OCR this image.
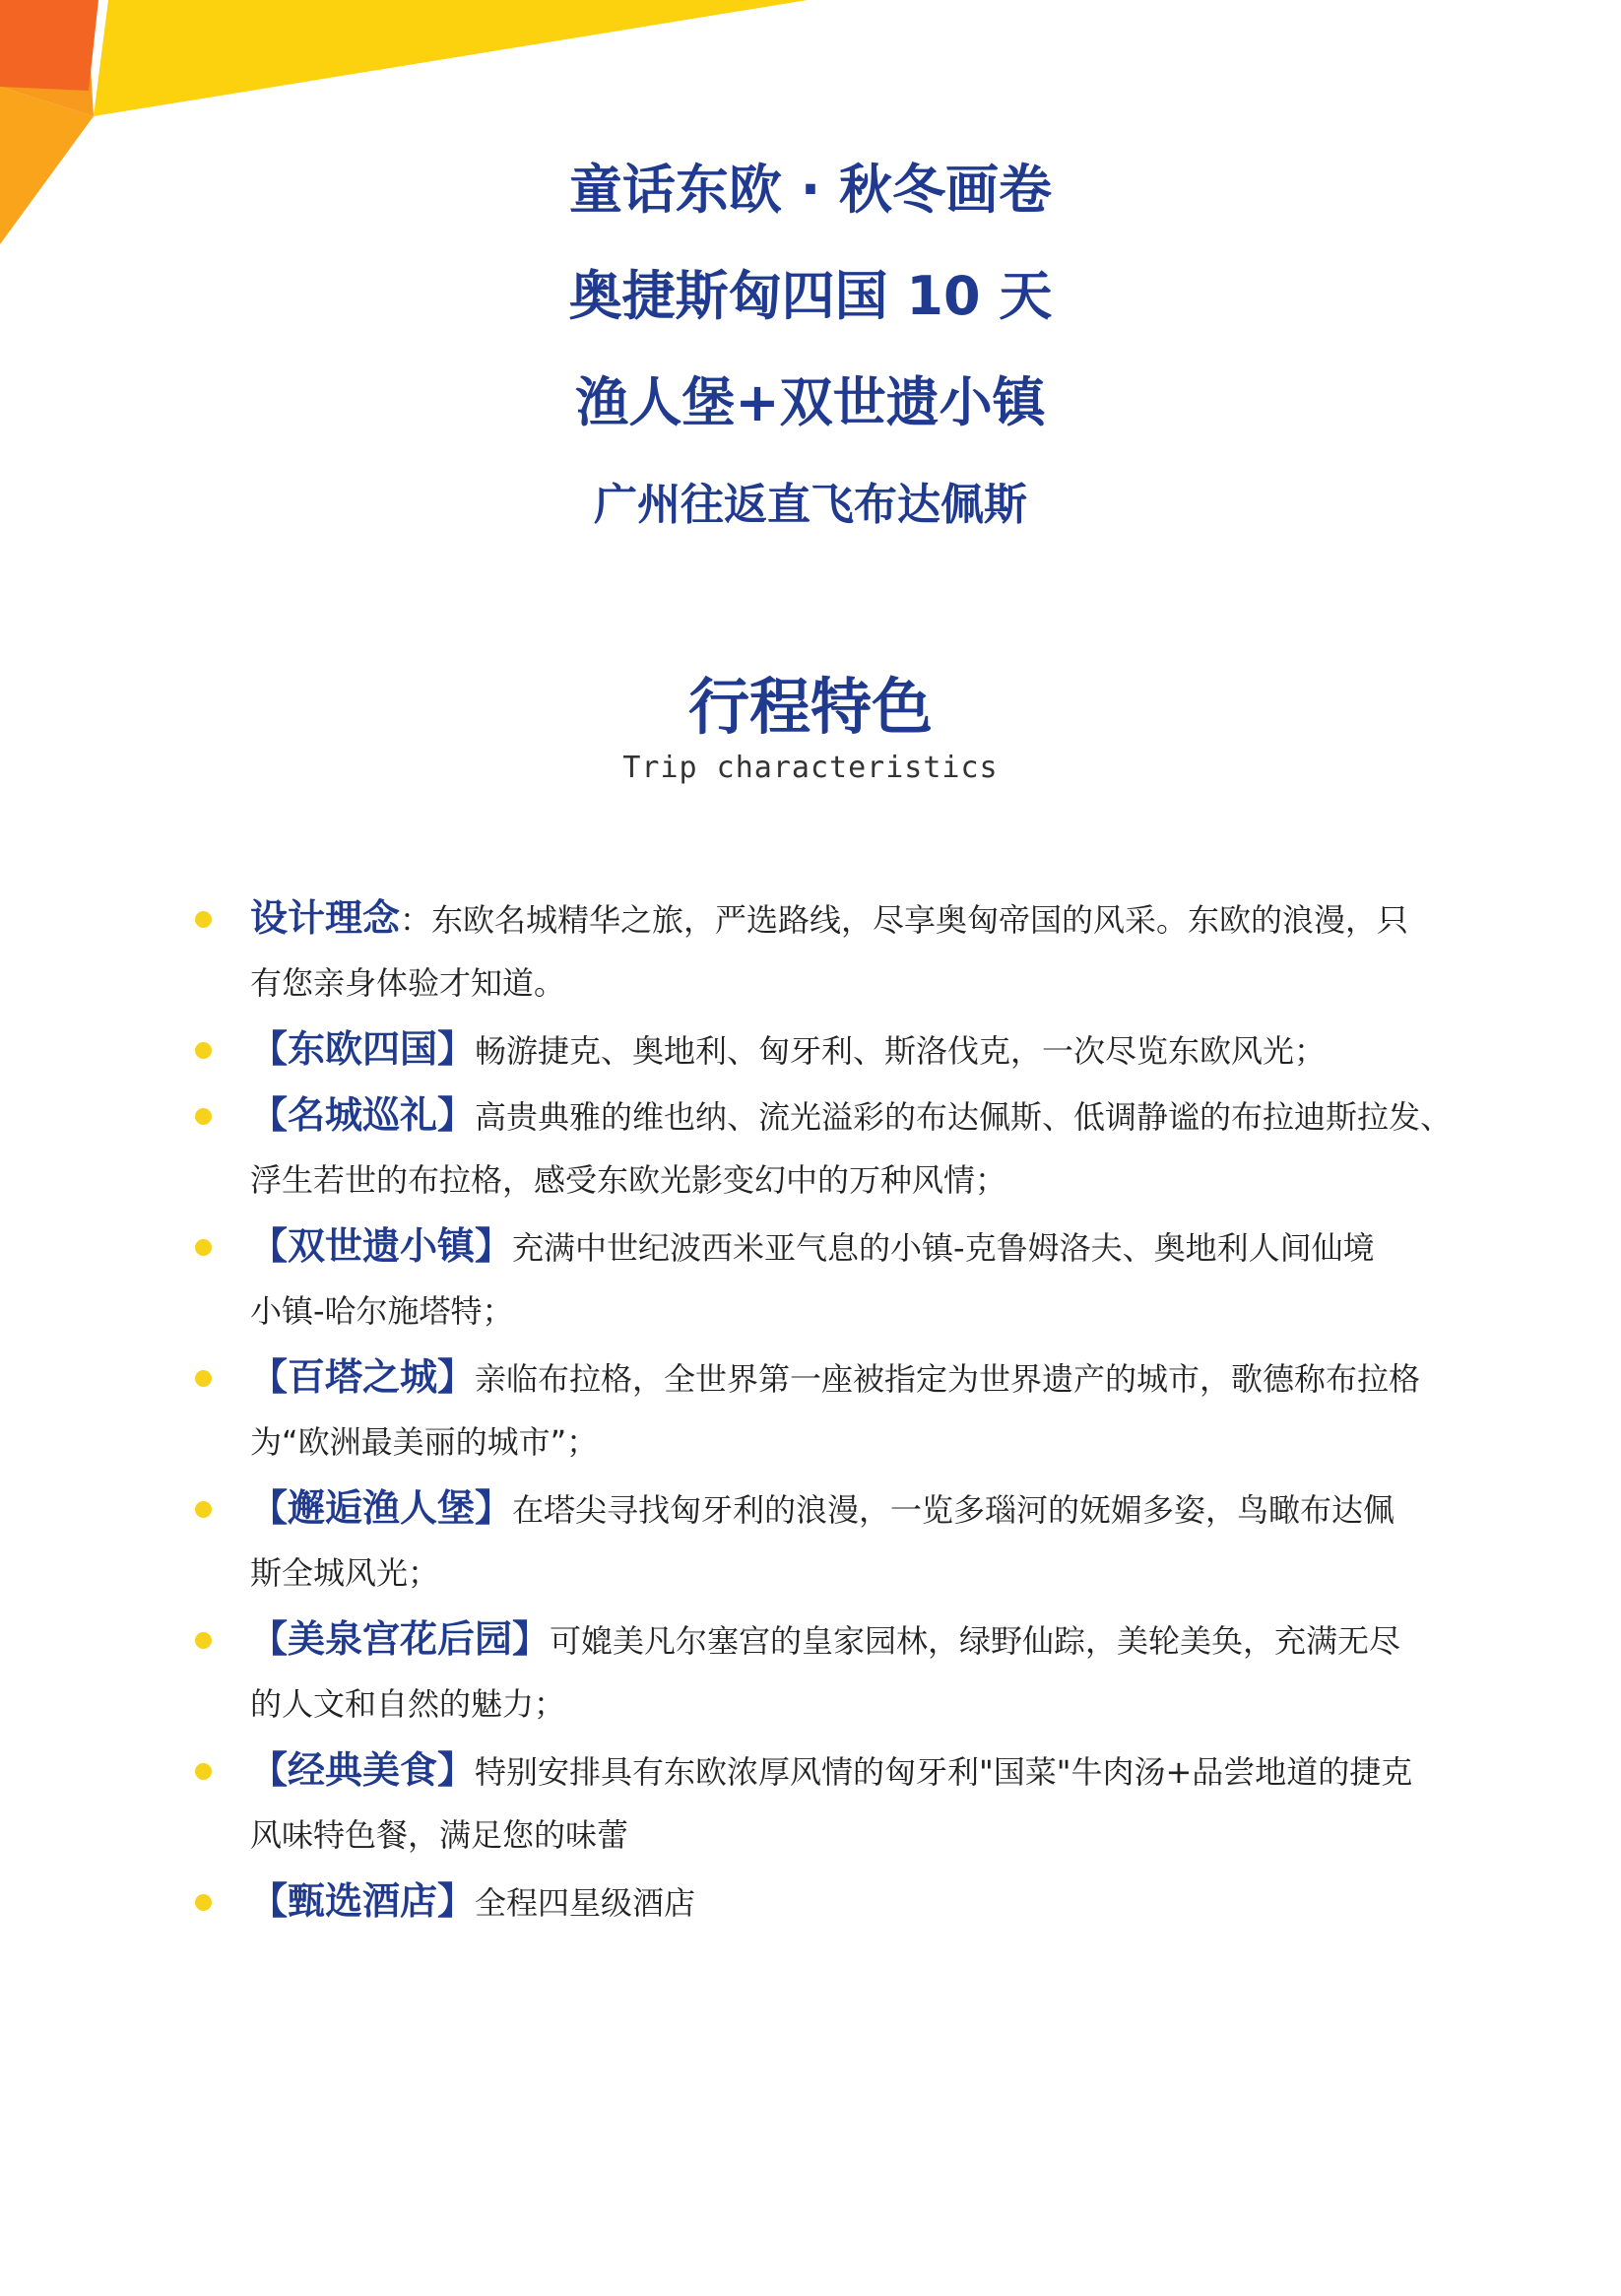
童话东欧 · 秋冬画卷
奥捷斯匈四国 10 天
渔人堡+双世遗小镇
广州往返直飞布达佩斯
行程特色
Trip characteristics
设计理念：东欧名城精华之旅，严选路线，尽享奥匈帝国的风采。东欧的浪漫，只
有您亲身体验才知道。
【东欧四国】畅游捷克、奥地利、匈牙利、斯洛伐克，一次尽览东欧风光；
【名城巡礼】高贵典雅的维也纳、流光溢彩的布达佩斯、低调静谧的布拉迪斯拉发、
浮生若世的布拉格，感受东欧光影变幻中的万种风情；
【双世遗小镇】充满中世纪波西米亚气息的小镇-克鲁姆洛夫、奥地利人间仙境
小镇-哈尔施塔特；
【百塔之城】亲临布拉格，全世界第一座被指定为世界遗产的城市，歌德称布拉格
为“欧洲最美丽的城市”；
【邂逅渔人堡】在塔尖寻找匈牙利的浪漫，一览多瑙河的妩媚多姿，鸟瞰布达佩
斯全城风光；
【美泉宫花后园】可媲美凡尔塞宫的皇家园林，绿野仙踪，美轮美奂，充满无尽
的人文和自然的魅力；
【经典美食】特别安排具有东欧浓厚风情的匈牙利"国菜"牛肉汤+品尝地道的捷克
风味特色餐，满足您的味蕾
【甄选酒店】全程四星级酒店
